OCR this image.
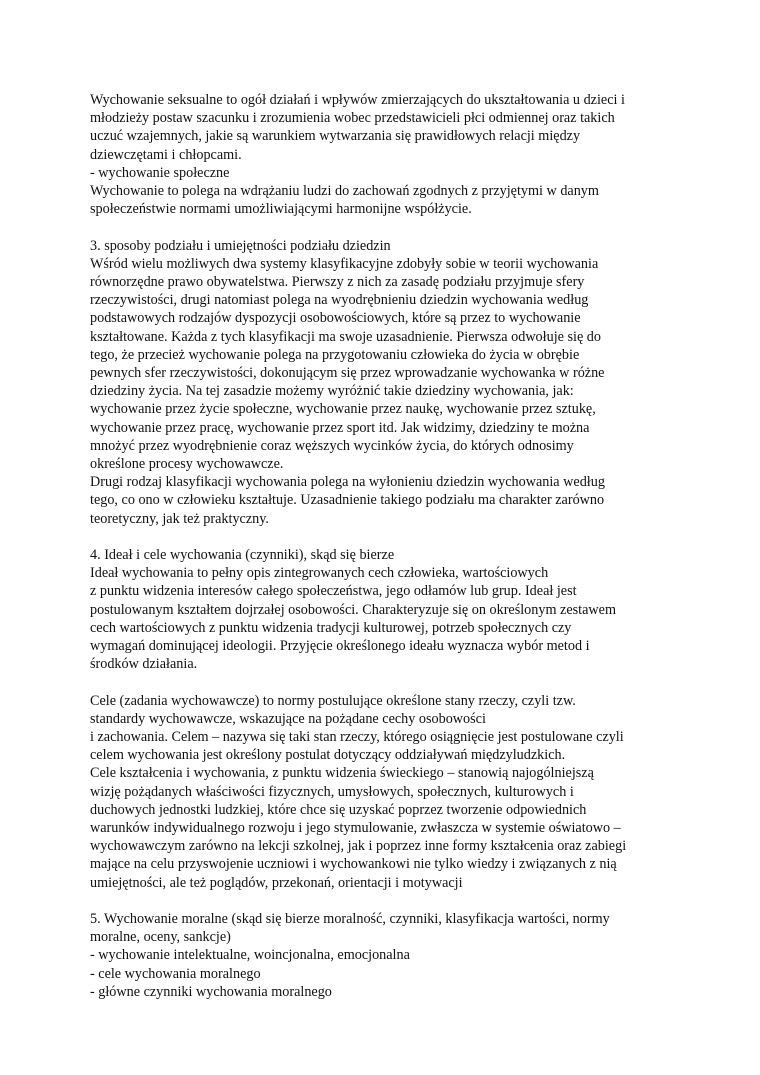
Wychowanie seksualne to ogół działań i wpływów zmierzających do ukształtowania u dzieci i
młodzieży postaw szacunku i zrozumienia wobec przedstawicieli płci odmiennej oraz takich
uczuć wzajemnych, jakie są warunkiem wytwarzania się prawidłowych relacji między
dziewczętami i chłopcami.
- wychowanie społeczne
Wychowanie to polega na wdrążaniu ludzi do zachowań zgodnych z przyjętymi w danym
społeczeństwie normami umożliwiającymi harmonijne współżycie.
3. sposoby podziału i umiejętności podziału dziedzin
Wśród wielu możliwych dwa systemy klasyfikacyjne zdobyły sobie w teorii wychowania
równorzędne prawo obywatelstwa. Pierwszy z nich za zasadę podziału przyjmuje sfery
rzeczywistości, drugi natomiast polega na wyodrębnieniu dziedzin wychowania według
podstawowych rodzajów dyspozycji osobowościowych, które są przez to wychowanie
kształtowane. Każda z tych klasyfikacji ma swoje uzasadnienie. Pierwsza odwołuje się do
tego, że przecież wychowanie polega na przygotowaniu człowieka do życia w obrębie
pewnych sfer rzeczywistości, dokonującym się przez wprowadzanie wychowanka w różne
dziedziny życia. Na tej zasadzie możemy wyróżnić takie dziedziny wychowania, jak:
wychowanie przez życie społeczne, wychowanie przez naukę, wychowanie przez sztukę,
wychowanie przez pracę, wychowanie przez sport itd. Jak widzimy, dziedziny te można
mnożyć przez wyodrębnienie coraz węższych wycinków życia, do których odnosimy
określone procesy wychowawcze.
Drugi rodzaj klasyfikacji wychowania polega na wyłonieniu dziedzin wychowania według
tego, co ono w człowieku kształtuje. Uzasadnienie takiego podziału ma charakter zarówno
teoretyczny, jak też praktyczny.
4. Ideał i cele wychowania (czynniki), skąd się bierze
Ideał wychowania to pełny opis zintegrowanych cech człowieka, wartościowych
z punktu widzenia interesów całego społeczeństwa, jego odłamów lub grup. Ideał jest
postulowanym kształtem dojrzałej osobowości. Charakteryzuje się on określonym zestawem
cech wartościowych z punktu widzenia tradycji kulturowej, potrzeb społecznych czy
wymagań dominującej ideologii. Przyjęcie określonego ideału wyznacza wybór metod i
środków działania.
Cele (zadania wychowawcze) to normy postulujące określone stany rzeczy, czyli tzw.
standardy wychowawcze, wskazujące na pożądane cechy osobowości
i zachowania. Celem – nazywa się taki stan rzeczy, którego osiągnięcie jest postulowane czyli
celem wychowania jest określony postulat dotyczący oddziaływań międzyludzkich.
Cele kształcenia i wychowania, z punktu widzenia świeckiego – stanowią najogólniejszą
wizję pożądanych właściwości fizycznych, umysłowych, społecznych, kulturowych i
duchowych jednostki ludzkiej, które chce się uzyskać poprzez tworzenie odpowiednich
warunków indywidualnego rozwoju i jego stymulowanie, zwłaszcza w systemie oświatowo –
wychowawczym zarówno na lekcji szkolnej, jak i poprzez inne formy kształcenia oraz zabiegi
mające na celu przyswojenie uczniowi i wychowankowi nie tylko wiedzy i związanych z nią
umiejętności, ale też poglądów, przekonań, orientacji i motywacji
5. Wychowanie moralne (skąd się bierze moralność, czynniki, klasyfikacja wartości, normy
moralne, oceny, sankcje)
- wychowanie intelektualne, woincjonalna, emocjonalna
- cele wychowania moralnego
- główne czynniki wychowania moralnego
